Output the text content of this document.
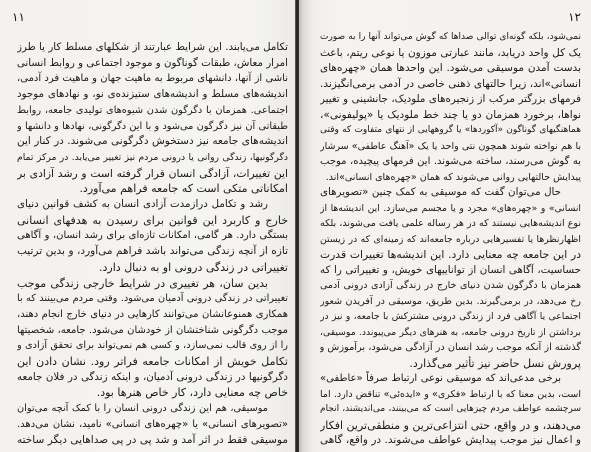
۱۱
تکامل می‌یابند. این شرایط عبارتند از شکلهای مسلط کار یا طرز
امرار معاش، طبقات گوناگون و موجود اجتماعی و روابط انسانی
ناشی از آنها، دانشهای مربوط به ماهیت جهان و ماهیت فرد آدمی،
اندیشه‌های مسلط و اندیشه‌های ستیزنده‌ی نو، و نهادهای موجود
اجتماعی. همزمان با دگرگون شدن شیوه‌های تولیدی جامعه، روابط
طبقاتی آن نیز دگرگون می‌شود و با این دگرگونی، نهادها و دانشها و
اندیشه‌های جامعه نیز دستخوش دگرگونی می‌شوند. در کنار این
دگرگونیها، زندگی روانی یا درونی مردم نیز تغییر می‌یابد. در مرکز تمام
این تغییرات، آزادگی انسان قرار گرفته است و رشد آزادی بر
امکاناتی متکی است که جامعه فراهم می‌آورد.
رشد و تکامل درازمدت آزادی انسان به کشف قوانین دنیای
خارج و کاربرد این قوانین برای رسیدن به هدفهای انسانی
بستگی دارد. هر گامی، امکانات تازه‌ای برای رشد انسان، و آگاهی
تازه از آنچه زندگی می‌تواند باشد فراهم می‌آورد، و بدین ترتیب
تغییراتی در زندگی درونی او به دنبال دارد.
بدین سان، هر تغییری در شرایط خارجی زندگی موجب
تغییراتی در زندگی درونی آدمیان می‌شود. وقتی مردم می‌بینند که با
همکاری همنوعانشان می‌توانند کارهایی در دنیای خارج انجام دهند،
موجب دگرگونی شناختشان از خودشان می‌شود. جامعه، شخصیتها
را از روی قالب نمی‌سازد، و کسی هم نمی‌تواند برای تحقق آزادی و
تکامل خویش از امکانات جامعه فراتر رود. نشان دادن این
دگرگونیها در زندگی درونی آدمیان، و اینکه زندگی در فلان جامعه
خاص چه معنایی دارد، کار خاص هنرها بود.
موسیقی، هم این زندگی درونی انسان را با کمک آنچه می‌توان
«تصویرهای انسانی» یا «چهره‌های انسانی» نامید، نشان می‌دهد.
موسیقی فقط در اثر آمد و شد پی در پی صداهایی دیگر ساخته
۱۲
نمی‌شود، بلکه گونه‌ای توالی صداها که گوش می‌تواند آنها را به صورت
یک کل واحد دریابد، مانند عبارتی موزون یا نوعی ریتم، باعث
بدست آمدن موسیقی می‌شود. این واحدها همان «چهره‌های
انسانی»اند، زیرا حالتهای ذهنی خاصی در آدمی برمی‌انگیزند.
فرمهای بزرگتر مرکب از زنجیره‌های ملودیک، جانشینی و تغییر
نواها، برخورد همزمان دو یا چند خط ملودیک یا «پولیفونی»،
هماهنگیهای گوناگون «آکوردها» یا گروههایی از نتهای متفاوت که وقتی
با هم نواخته شوند همچون نتی واحد یا یک «آهنگ عاطفی» سرشار
به گوش می‌رسند، ساخته می‌شوند. این فرمهای پیچیده، موجب
پیدایش حالتهایی روانی می‌شوند که همان «چهره‌های انسانی»اند.
حال می‌توان گفت که موسیقی به کمک چنین «تصویرهای
انسانی» و «چهره‌های» مجرد و یا مجسم می‌سازد. این اندیشه‌ها از
نوع اندیشه‌هایی نیستند که در هر رساله علمی یافت می‌شوند، بلکه
اظهارنظرها یا تفسیرهایی درباره جامعه‌اند که زمینه‌ای که در زیستن
در این جامعه چه معنایی دارد. این اندیشه‌ها تغییرات قدرت
حساسیت، آگاهی انسان از تواناییهای خویش، و تغییراتی را که
همزمان با دگرگون شدن دنیای خارج در زندگی آزادی درونی آدمی
رخ می‌دهد، در برمی‌گیرند. بدین طریق، موسیقی در آفریدن شعور
اجتماعی یا آگاهی فرد از زندگی درونی مشترکش با جامعه، و نیز در
برداشتن از تاریخ درونی جامعه، به هنرهای دیگر می‌پیوندد. موسیقی،
گذشته از آنکه موجب رشد انسان در آزادگی می‌شود، برآموزش و
پرورش نسل حاضر نیز تأثیر می‌گذارد.
برخی مدعی‌اند که موسیقی نوعی ارتباط صرفاً «عاطفی»
است، بدین معنا که با ارتباط «فکری» و «ایده‌ئی» تناقض دارد. اما
سرچشمه عواطف مردم چیزهایی است که می‌بینند، می‌اندیشند، انجام
می‌دهند، و در واقع، حتی انتزاعی‌ترین و منطقی‌ترین افکار
و اعمال نیز موجب پیدایش عواطف می‌شوند. در واقع، گاهی
